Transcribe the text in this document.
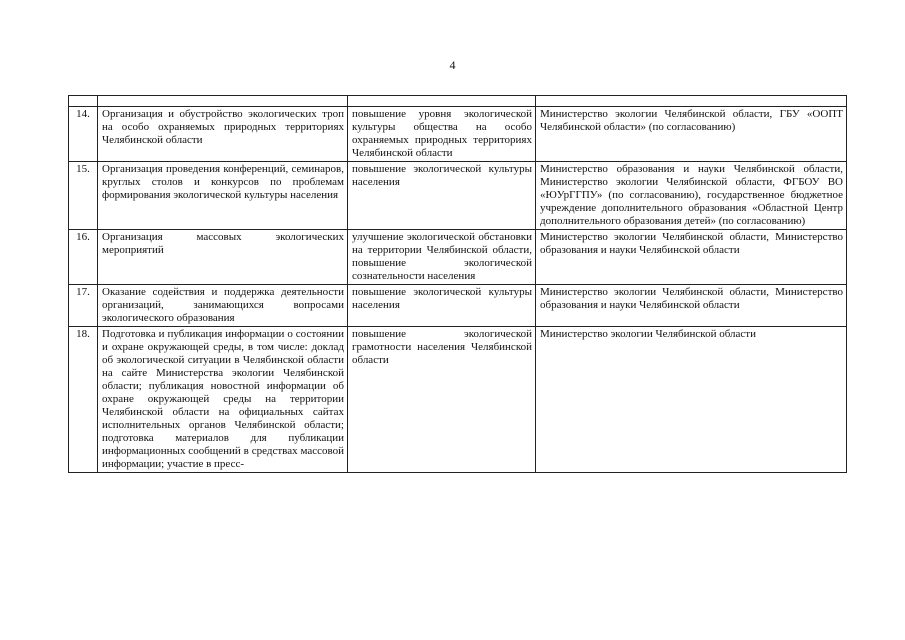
4

14.	Организация и обустройство экологических троп на особо охраняемых природных территориях Челябинской области	повышение уровня экологической культуры общества на особо охраняемых природных территориях Челябинской области	Министерство экологии Челябинской области, ГБУ «ООПТ Челябинской области» (по согласованию)

15.	Организация проведения конференций, семинаров, круглых столов и конкурсов по проблемам формирования экологической культуры населения	повышение экологической культуры населения	Министерство образования и науки Челябинской области, Министерство экологии Челябинской области, ФГБОУ ВО «ЮУрГГПУ» (по согласованию), государственное бюджетное учреждение дополнительного образования «Областной Центр дополнительного образования детей» (по согласованию)

16.	Организация массовых экологических мероприятий	улучшение экологической обстановки на территории Челябинской области, повышение экологической сознательности населения	Министерство экологии Челябинской области, Министерство образования и науки Челябинской области

17.	Оказание содействия и поддержка деятельности организаций, занимающихся вопросами экологического образования	повышение экологической культуры населения	Министерство экологии Челябинской области, Министерство образования и науки Челябинской области

18.	Подготовка и публикация информации о состоянии и охране окружающей среды, в том числе: доклад об экологической ситуации в Челябинской области на сайте Министерства экологии Челябинской области; публикация новостной информации об охране окружающей среды на территории Челябинской области на официальных сайтах исполнительных органов Челябинской области; подготовка материалов для публикации информационных сообщений в средствах массовой информации; участие в пресс-	повышение экологической грамотности населения Челябинской области	Министерство экологии Челябинской области
